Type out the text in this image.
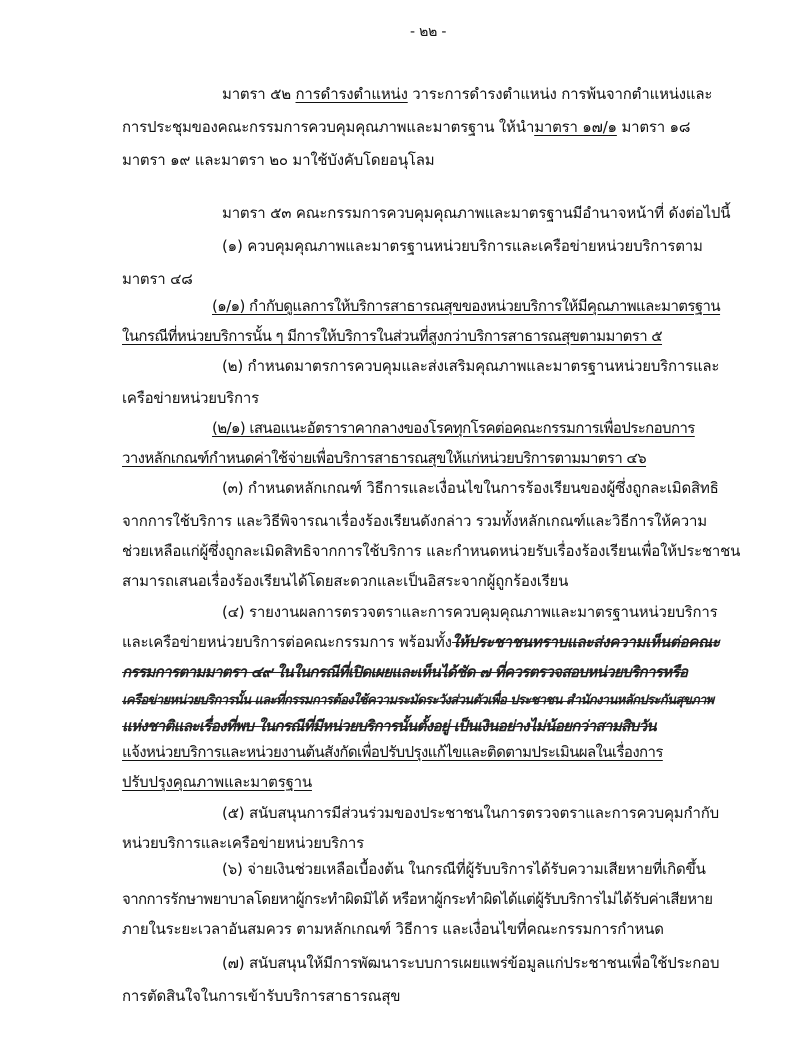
- ๒๒ -
มาตรา ๕๒ การดำรงตำแหน่ง วาระการดำรงตำแหน่ง การพ้นจากตำแหน่งและ
การประชุมของคณะกรรมการควบคุมคุณภาพและมาตรฐาน ให้นำมาตรา ๑๗/๑ มาตรา ๑๘
มาตรา ๑๙ และมาตรา ๒๐ มาใช้บังคับโดยอนุโลม
มาตรา ๕๓ คณะกรรมการควบคุมคุณภาพและมาตรฐานมีอำนาจหน้าที่ ดังต่อไปนี้
(๑) ควบคุมคุณภาพและมาตรฐานหน่วยบริการและเครือข่ายหน่วยบริการตาม
มาตรา ๔๘
(๑/๑) กำกับดูแลการให้บริการสาธารณสุขของหน่วยบริการให้มีคุณภาพและมาตรฐาน
ในกรณีที่หน่วยบริการนั้น ๆ มีการให้บริการในส่วนที่สูงกว่าบริการสาธารณสุขตามมาตรา ๕
(๒) กำหนดมาตรการควบคุมและส่งเสริมคุณภาพและมาตรฐานหน่วยบริการและ
เครือข่ายหน่วยบริการ
(๒/๑) เสนอแนะอัตราราคากลางของโรคทุกโรคต่อคณะกรรมการเพื่อประกอบการ
วางหลักเกณฑ์กำหนดค่าใช้จ่ายเพื่อบริการสาธารณสุขให้แก่หน่วยบริการตามมาตรา ๔๖
(๓) กำหนดหลักเกณฑ์ วิธีการและเงื่อนไขในการร้องเรียนของผู้ซึ่งถูกละเมิดสิทธิ
จากการใช้บริการ และวิธีพิจารณาเรื่องร้องเรียนดังกล่าว รวมทั้งหลักเกณฑ์และวิธีการให้ความ
ช่วยเหลือแก่ผู้ซึ่งถูกละเมิดสิทธิจากการใช้บริการ และกำหนดหน่วยรับเรื่องร้องเรียนเพื่อให้ประชาชน
สามารถเสนอเรื่องร้องเรียนได้โดยสะดวกและเป็นอิสระจากผู้ถูกร้องเรียน
(๔) รายงานผลการตรวจตราและการควบคุมคุณภาพและมาตรฐานหน่วยบริการ
และเครือข่ายหน่วยบริการต่อคณะกรรมการ พร้อมทั้งให้ประชาชนทราบและส่งความเห็นต่อคณะ
กรรมการตามมาตรา ๔๙ ในในกรณีที่เปิดเผยและเห็นได้ชัด ๗ ที่ควรตรวจสอบหน่วยบริการหรือ
เครือข่ายหน่วยบริการนั้น และที่กรรมการต้องใช้ความระมัดระวังส่วนตัวเพื่อ ประชาชน สำนักงานหลักประกันสุขภาพ
แห่งชาติและเรื่องที่พบ ในกรณีที่มีหน่วยบริการนั้นตั้งอยู่ เป็นเงินอย่างไม่น้อยกว่าสามสิบวัน
แจ้งหน่วยบริการและหน่วยงานต้นสังกัดเพื่อปรับปรุงแก้ไขและติดตามประเมินผลในเรื่องการ
ปรับปรุงคุณภาพและมาตรฐาน
(๕) สนับสนุนการมีส่วนร่วมของประชาชนในการตรวจตราและการควบคุมกำกับ
หน่วยบริการและเครือข่ายหน่วยบริการ
(๖) จ่ายเงินช่วยเหลือเบื้องต้น ในกรณีที่ผู้รับบริการได้รับความเสียหายที่เกิดขึ้น
จากการรักษาพยาบาลโดยหาผู้กระทำผิดมิได้ หรือหาผู้กระทำผิดได้แต่ผู้รับบริการไม่ได้รับค่าเสียหาย
ภายในระยะเวลาอันสมควร ตามหลักเกณฑ์ วิธีการ และเงื่อนไขที่คณะกรรมการกำหนด
(๗) สนับสนุนให้มีการพัฒนาระบบการเผยแพร่ข้อมูลแก่ประชาชนเพื่อใช้ประกอบ
การตัดสินใจในการเข้ารับบริการสาธารณสุข
